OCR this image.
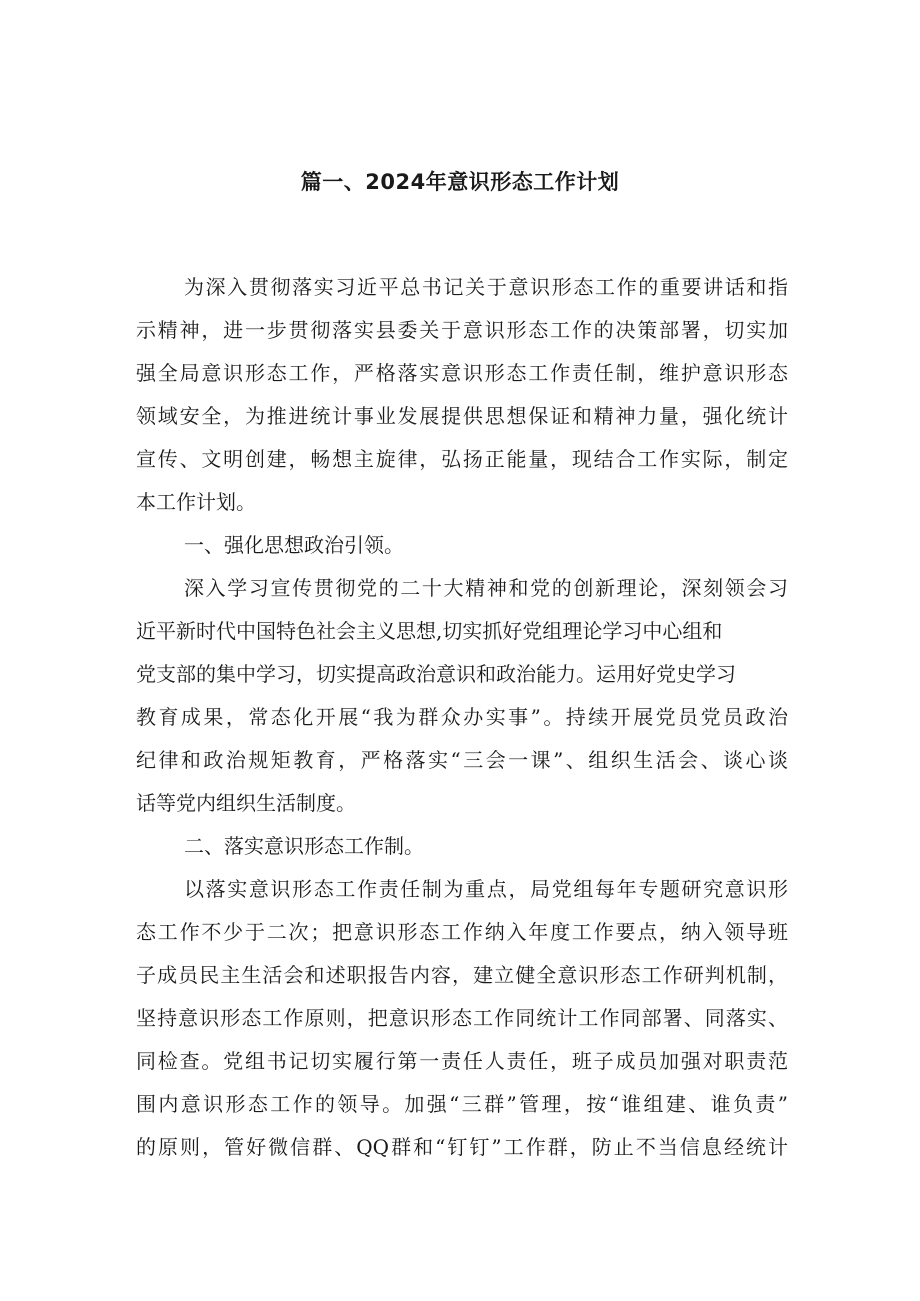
篇一、2024年意识形态工作计划
为深入贯彻落实习近平总书记关于意识形态工作的重要讲话和指
示精神，进一步贯彻落实县委关于意识形态工作的决策部署，切实加
强全局意识形态工作，严格落实意识形态工作责任制，维护意识形态
领域安全，为推进统计事业发展提供思想保证和精神力量，强化统计
宣传、文明创建，畅想主旋律，弘扬正能量，现结合工作实际，制定
本工作计划。
一、强化思想政治引领。
深入学习宣传贯彻党的二十大精神和党的创新理论，深刻领会习
近平新时代中国特色社会主义思想,切实抓好党组理论学习中心组和
党支部的集中学习，切实提高政治意识和政治能力。运用好党史学习
教育成果，常态化开展“我为群众办实事”。持续开展党员党员政治
纪律和政治规矩教育，严格落实“三会一课”、组织生活会、谈心谈
话等党内组织生活制度。
二、落实意识形态工作制。
以落实意识形态工作责任制为重点，局党组每年专题研究意识形
态工作不少于二次；把意识形态工作纳入年度工作要点，纳入领导班
子成员民主生活会和述职报告内容，建立健全意识形态工作研判机制，
坚持意识形态工作原则，把意识形态工作同统计工作同部署、同落实、
同检查。党组书记切实履行第一责任人责任，班子成员加强对职责范
围内意识形态工作的领导。加强“三群”管理，按“谁组建、谁负责”
的原则，管好微信群、QQ群和“钉钉”工作群，防止不当信息经统计
